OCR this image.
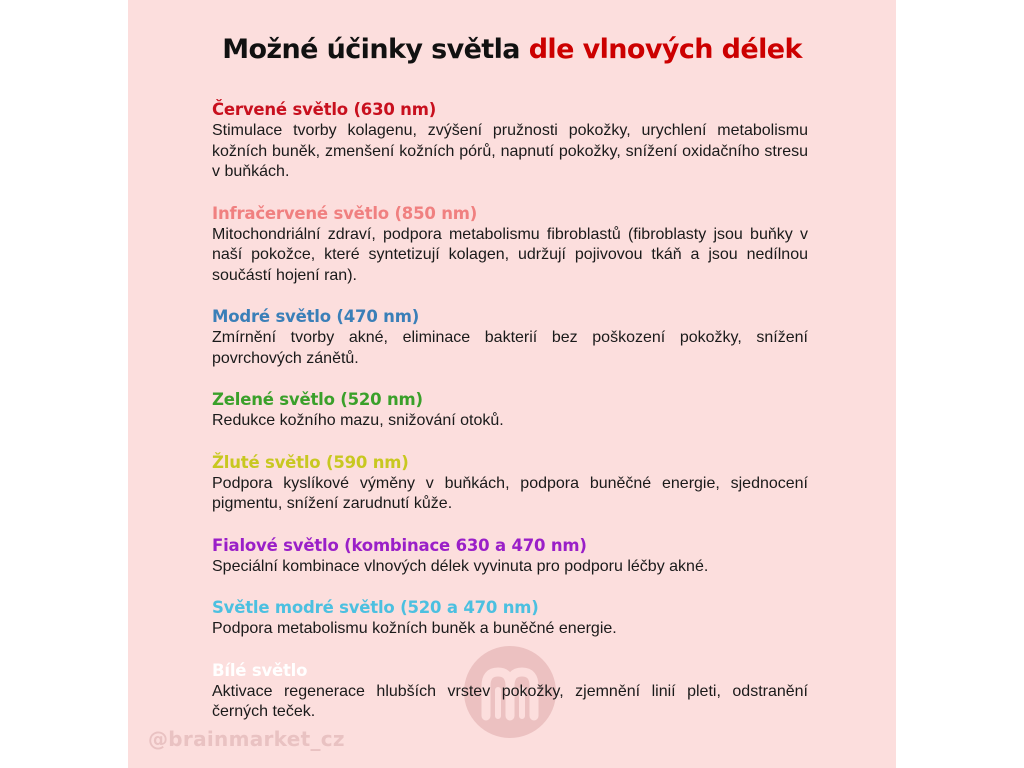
Možné účinky světla dle vlnových délek
Červené světlo (630 nm)
Stimulace tvorby kolagenu, zvýšení pružnosti pokožky, urychlení metabolismu kožních buněk, zmenšení kožních pórů, napnutí pokožky, snížení oxidačního stresu v buňkách.
Infračervené světlo (850 nm)
Mitochondriální zdraví, podpora metabolismu fibroblastů (fibroblasty jsou buňky v naší pokožce, které syntetizují kolagen, udržují pojivovou tkáň a jsou nedílnou součástí hojení ran).
Modré světlo (470 nm)
Zmírnění tvorby akné, eliminace bakterií bez poškození pokožky, snížení povrchových zánětů.
Zelené světlo (520 nm)
Redukce kožního mazu, snižování otoků.
Žluté světlo (590 nm)
Podpora kyslíkové výměny v buňkách, podpora buněčné energie, sjednocení pigmentu, snížení zarudnutí kůže.
Fialové světlo (kombinace 630 a 470 nm)
Speciální kombinace vlnových délek vyvinuta pro podporu léčby akné.
Světle modré světlo (520 a 470 nm)
Podpora metabolismu kožních buněk a buněčné energie.
Bílé světlo
Aktivace regenerace hlubších vrstev pokožky, zjemnění linií pleti, odstranění černých teček.
@brainmarket_cz
